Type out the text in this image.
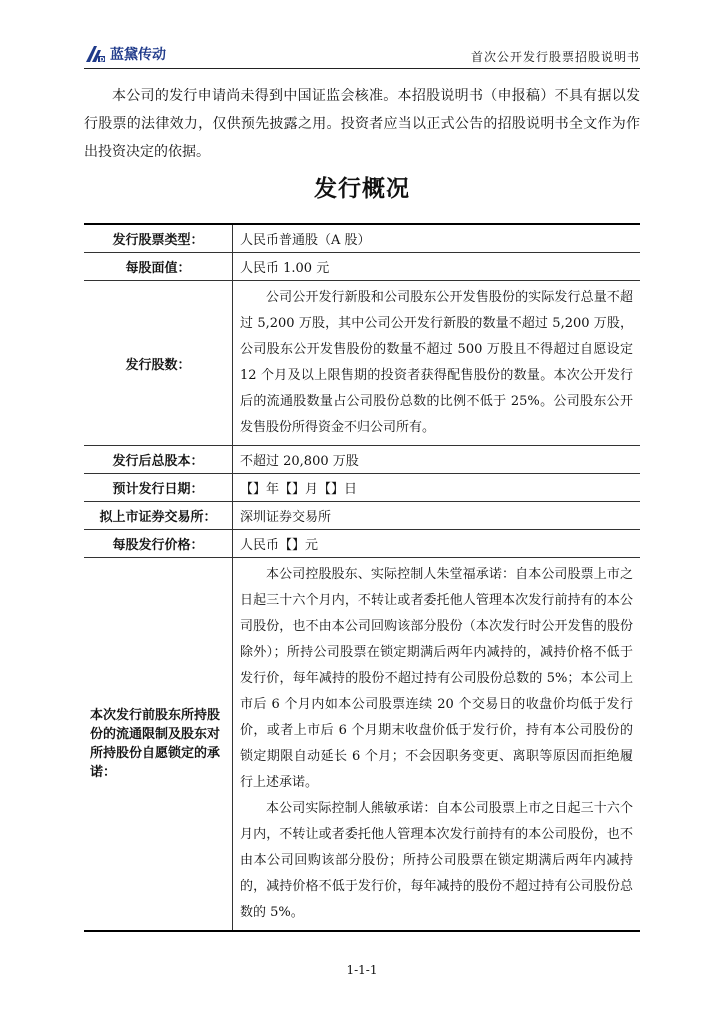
D 蓝黛传动	首次公开发行股票招股说明书

本公司的发行申请尚未得到中国证监会核准。本招股说明书（申报稿）不具有据以发行股票的法律效力，仅供预先披露之用。投资者应当以正式公告的招股说明书全文作为作出投资决定的依据。

发行概况
发行股票类型：	人民币普通股（A 股）
每股面值：	人民币 1.00 元
发行股数：	公司公开发行新股和公司股东公开发售股份的实际发行总量不超过 5,200 万股，其中公司公开发行新股的数量不超过 5,200 万股，公司股东公开发售股份的数量不超过 500 万股且不得超过自愿设定 12 个月及以上限售期的投资者获得配售股份的数量。本次公开发行后的流通股数量占公司股份总数的比例不低于 25%。公司股东公开发售股份所得资金不归公司所有。

发行后总股本：	不超过 20,800 万股
预计发行日期：	【】年【】月【】日
拟上市证券交易所：	深圳证券交易所
每股发行价格：	人民币【】元
本次发行前股东所持股份的流通限制及股东对所持股份自愿锁定的承诺：	本公司控股股东、实际控制人朱堂福承诺：自本公司股票上市之日起三十六个月内，不转让或者委托他人管理本次发行前持有的本公司股份，也不由本公司回购该部分股份（本次发行时公开发售的股份除外）；所持公司股票在锁定期满后两年内减持的，减持价格不低于发行价，每年减持的股份不超过持有公司股份总数的 5%；本公司上市后 6 个月内如本公司股票连续 20 个交易日的收盘价均低于发行价，或者上市后 6 个月期末收盘价低于发行价，持有本公司股份的锁定期限自动延长 6 个月；不会因职务变更、离职等原因而拒绝履行上述承诺。

本公司实际控制人熊敏承诺：自本公司股票上市之日起三十六个月内，不转让或者委托他人管理本次发行前持有的本公司股份，也不由本公司回购该部分股份；所持公司股票在锁定期满后两年内减持的，减持价格不低于发行价，每年减持的股份不超过持有公司股份总数的 5%。

1-1-1
